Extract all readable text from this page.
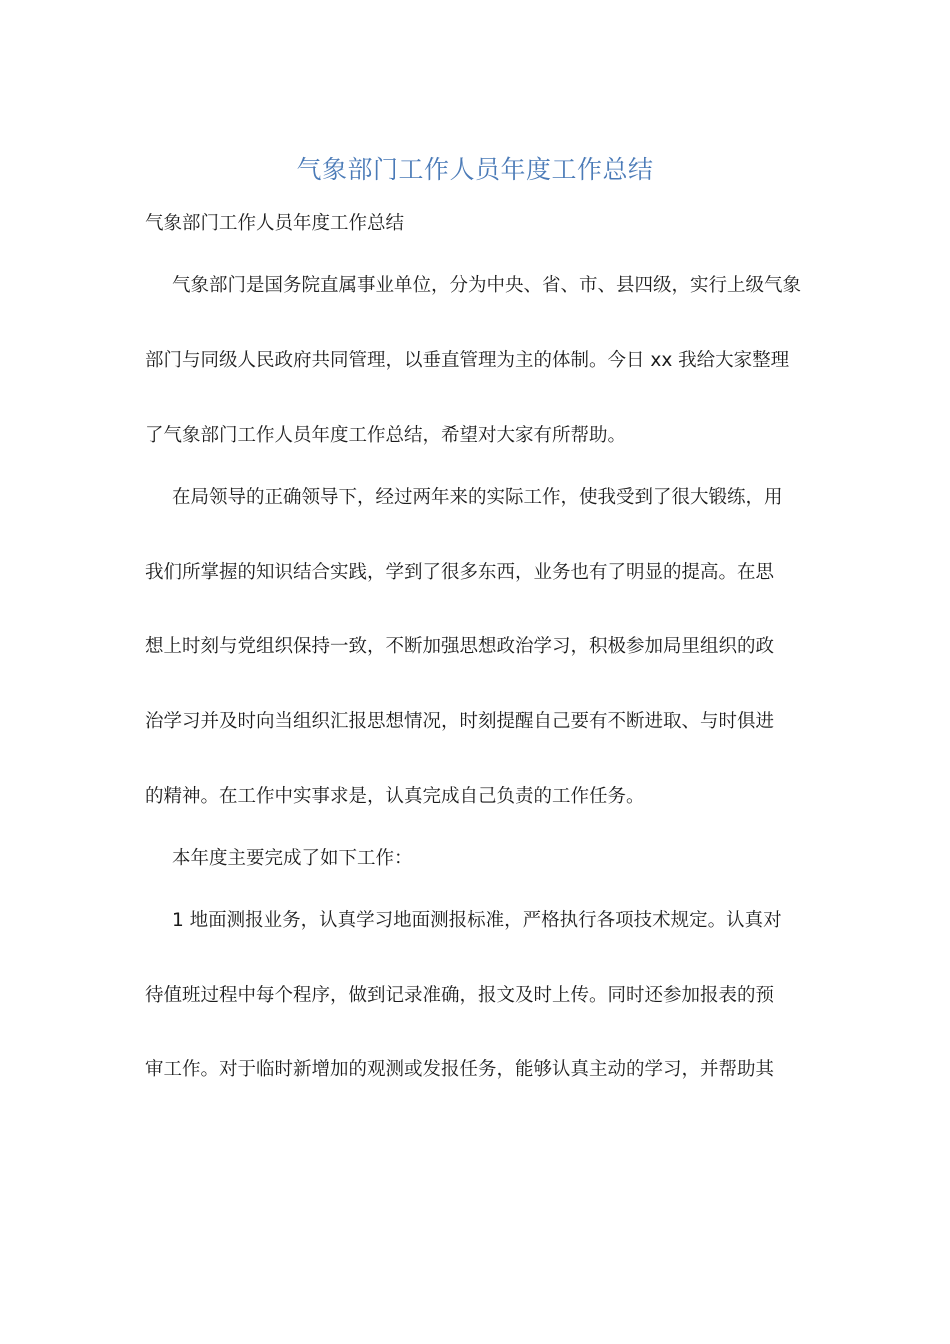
气象部门工作人员年度工作总结
气象部门工作人员年度工作总结
气象部门是国务院直属事业单位，分为中央、省、市、县四级，实行上级气象
部门与同级人民政府共同管理，以垂直管理为主的体制。今日 xx 我给大家整理
了气象部门工作人员年度工作总结，希望对大家有所帮助。
在局领导的正确领导下，经过两年来的实际工作，使我受到了很大锻练，用
我们所掌握的知识结合实践，学到了很多东西，业务也有了明显的提高。在思
想上时刻与党组织保持一致，不断加强思想政治学习，积极参加局里组织的政
治学习并及时向当组织汇报思想情况，时刻提醒自己要有不断进取、与时俱进
的精神。在工作中实事求是，认真完成自己负责的工作任务。
本年度主要完成了如下工作：
1 地面测报业务，认真学习地面测报标准，严格执行各项技术规定。认真对
待值班过程中每个程序，做到记录准确，报文及时上传。同时还参加报表的预
审工作。对于临时新增加的观测或发报任务，能够认真主动的学习，并帮助其
